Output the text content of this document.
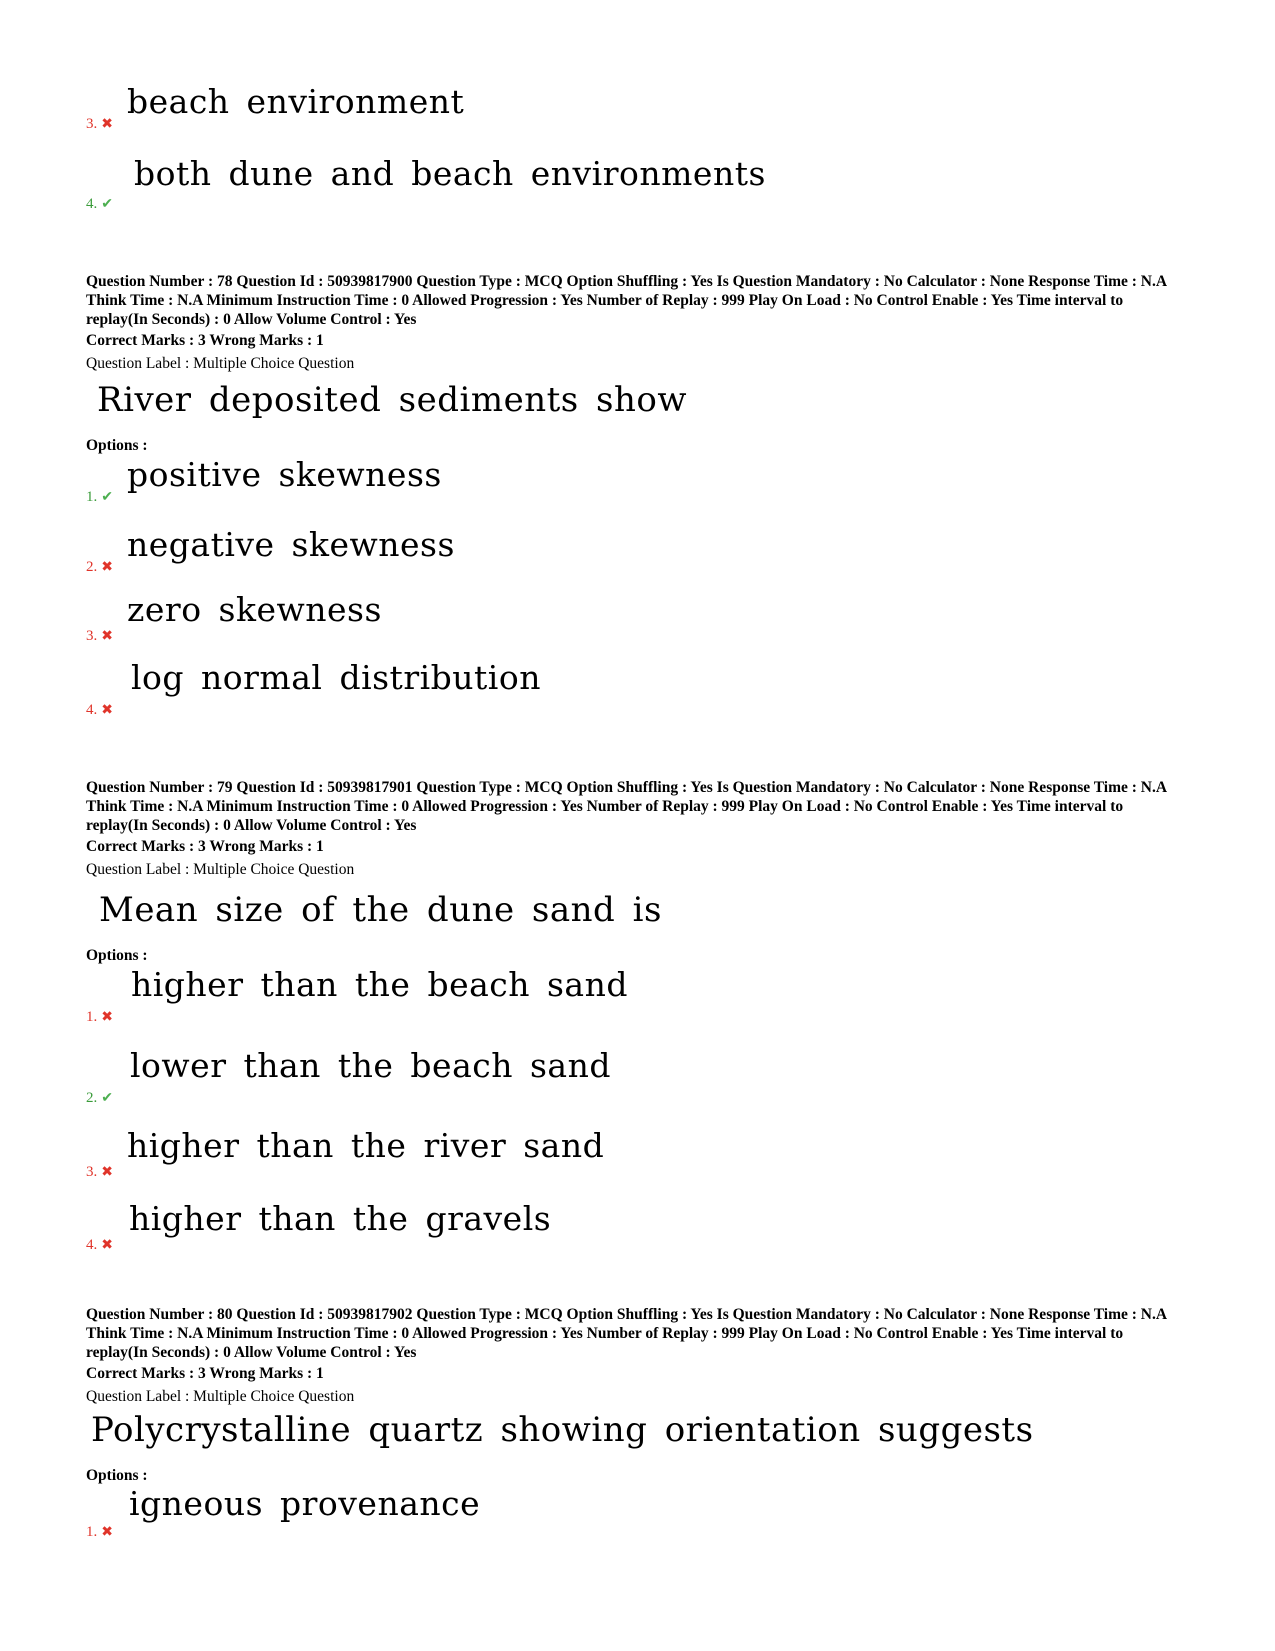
3. ✖
beach environment
4. ✔
both dune and beach environments
Question Number : 78 Question Id : 50939817900 Question Type : MCQ Option Shuffling : Yes Is Question Mandatory : No Calculator : None Response Time : N.A Think Time : N.A Minimum Instruction Time : 0 Allowed Progression : Yes Number of Replay : 999 Play On Load : No Control Enable : Yes Time interval to replay(In Seconds) : 0 Allow Volume Control : Yes
Correct Marks : 3 Wrong Marks : 1
Question Label : Multiple Choice Question
River deposited sediments show
Options :
1. ✔
positive skewness
2. ✖
negative skewness
3. ✖
zero skewness
4. ✖
log normal distribution
Question Number : 79 Question Id : 50939817901 Question Type : MCQ Option Shuffling : Yes Is Question Mandatory : No Calculator : None Response Time : N.A Think Time : N.A Minimum Instruction Time : 0 Allowed Progression : Yes Number of Replay : 999 Play On Load : No Control Enable : Yes Time interval to replay(In Seconds) : 0 Allow Volume Control : Yes
Correct Marks : 3 Wrong Marks : 1
Question Label : Multiple Choice Question
Mean size of the dune sand is
Options :
1. ✖
higher than the beach sand
2. ✔
lower than the beach sand
3. ✖
higher than the river sand
4. ✖
higher than the gravels
Question Number : 80 Question Id : 50939817902 Question Type : MCQ Option Shuffling : Yes Is Question Mandatory : No Calculator : None Response Time : N.A Think Time : N.A Minimum Instruction Time : 0 Allowed Progression : Yes Number of Replay : 999 Play On Load : No Control Enable : Yes Time interval to replay(In Seconds) : 0 Allow Volume Control : Yes
Correct Marks : 3 Wrong Marks : 1
Question Label : Multiple Choice Question
Polycrystalline quartz showing orientation suggests
Options :
1. ✖
igneous provenance
